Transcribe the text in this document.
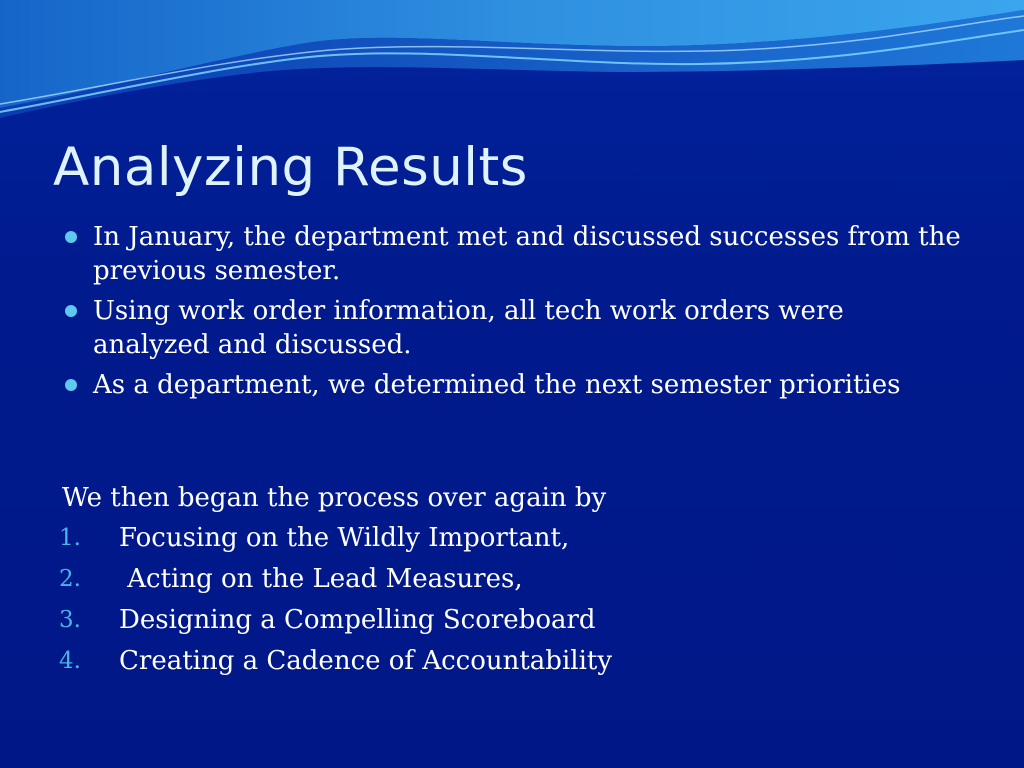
Analyzing Results
In January, the department met and discussed successes from the previous semester.
Using work order information, all tech work orders were analyzed and discussed.
As a department, we determined the next semester priorities

We then began the process over again by

1. Focusing on the Wildly Important,
2. Acting on the Lead Measures,
3. Designing a Compelling Scoreboard
4. Creating a Cadence of Accountability
